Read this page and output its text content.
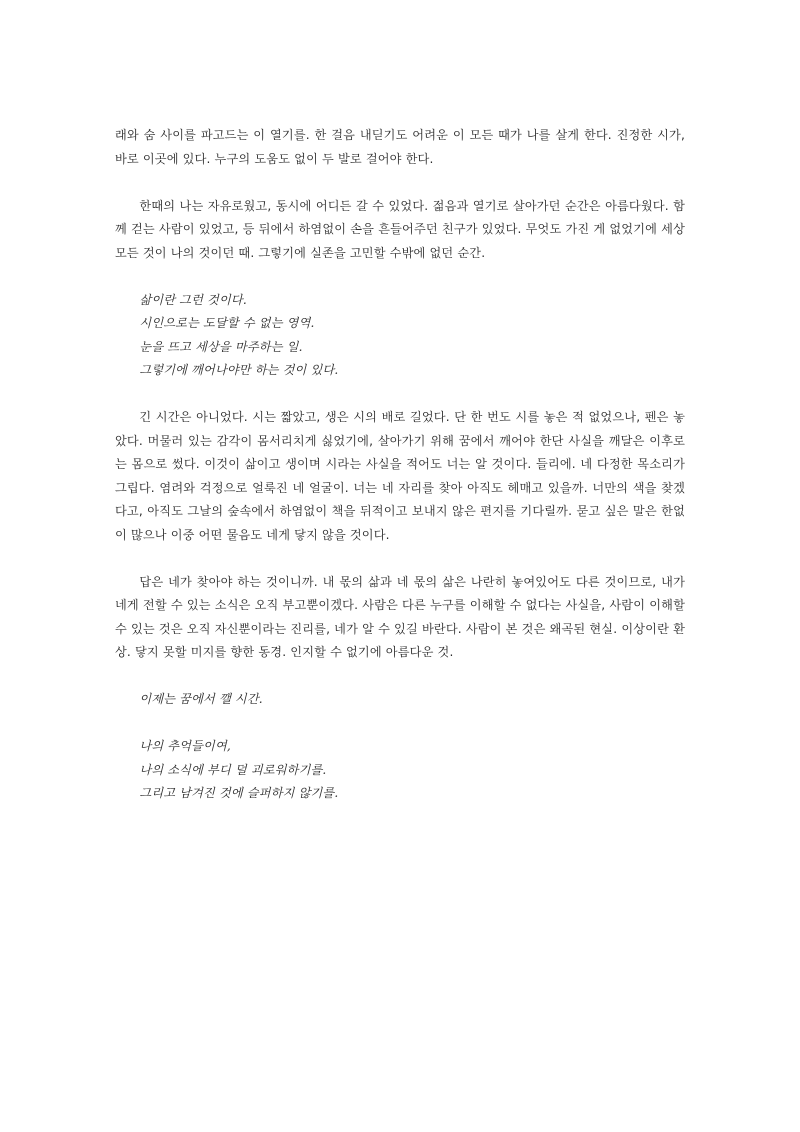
래와 숨 사이를 파고드는 이 열기를. 한 걸음 내딛기도 어려운 이 모든 때가 나를 살게 한다. 진정한 시가, 바로 이곳에 있다. 누구의 도움도 없이 두 발로 걸어야 한다.

한때의 나는 자유로웠고, 동시에 어디든 갈 수 있었다. 젊음과 열기로 살아가던 순간은 아름다웠다. 함께 걷는 사람이 있었고, 등 뒤에서 하염없이 손을 흔들어주던 친구가 있었다. 무엇도 가진 게 없었기에 세상 모든 것이 나의 것이던 때. 그렇기에 실존을 고민할 수밖에 없던 순간.

삶이란 그런 것이다.
시인으로는 도달할 수 없는 영역.
눈을 뜨고 세상을 마주하는 일.
그렇기에 깨어나야만 하는 것이 있다.

긴 시간은 아니었다. 시는 짧았고, 생은 시의 배로 길었다. 단 한 번도 시를 놓은 적 없었으나, 펜은 놓았다. 머물러 있는 감각이 몸서리치게 싫었기에, 살아가기 위해 꿈에서 깨어야 한단 사실을 깨달은 이후로는 몸으로 썼다. 이것이 삶이고 생이며 시라는 사실을 적어도 너는 알 것이다. 들리에. 네 다정한 목소리가 그립다. 염려와 걱정으로 얼룩진 네 얼굴이. 너는 네 자리를 찾아 아직도 헤매고 있을까. 너만의 색을 찾겠다고, 아직도 그날의 숲속에서 하염없이 책을 뒤적이고 보내지 않은 편지를 기다릴까. 묻고 싶은 말은 한없이 많으나 이중 어떤 물음도 네게 닿지 않을 것이다.

답은 네가 찾아야 하는 것이니까. 내 몫의 삶과 네 몫의 삶은 나란히 놓여있어도 다른 것이므로, 내가 네게 전할 수 있는 소식은 오직 부고뿐이겠다. 사람은 다른 누구를 이해할 수 없다는 사실을, 사람이 이해할 수 있는 것은 오직 자신뿐이라는 진리를, 네가 알 수 있길 바란다. 사람이 본 것은 왜곡된 현실. 이상이란 환상. 닿지 못할 미지를 향한 동경. 인지할 수 없기에 아름다운 것.

이제는 꿈에서 깰 시간.
나의 추억들이여,
나의 소식에 부디 덜 괴로워하기를.
그리고 남겨진 것에 슬퍼하지 않기를.
